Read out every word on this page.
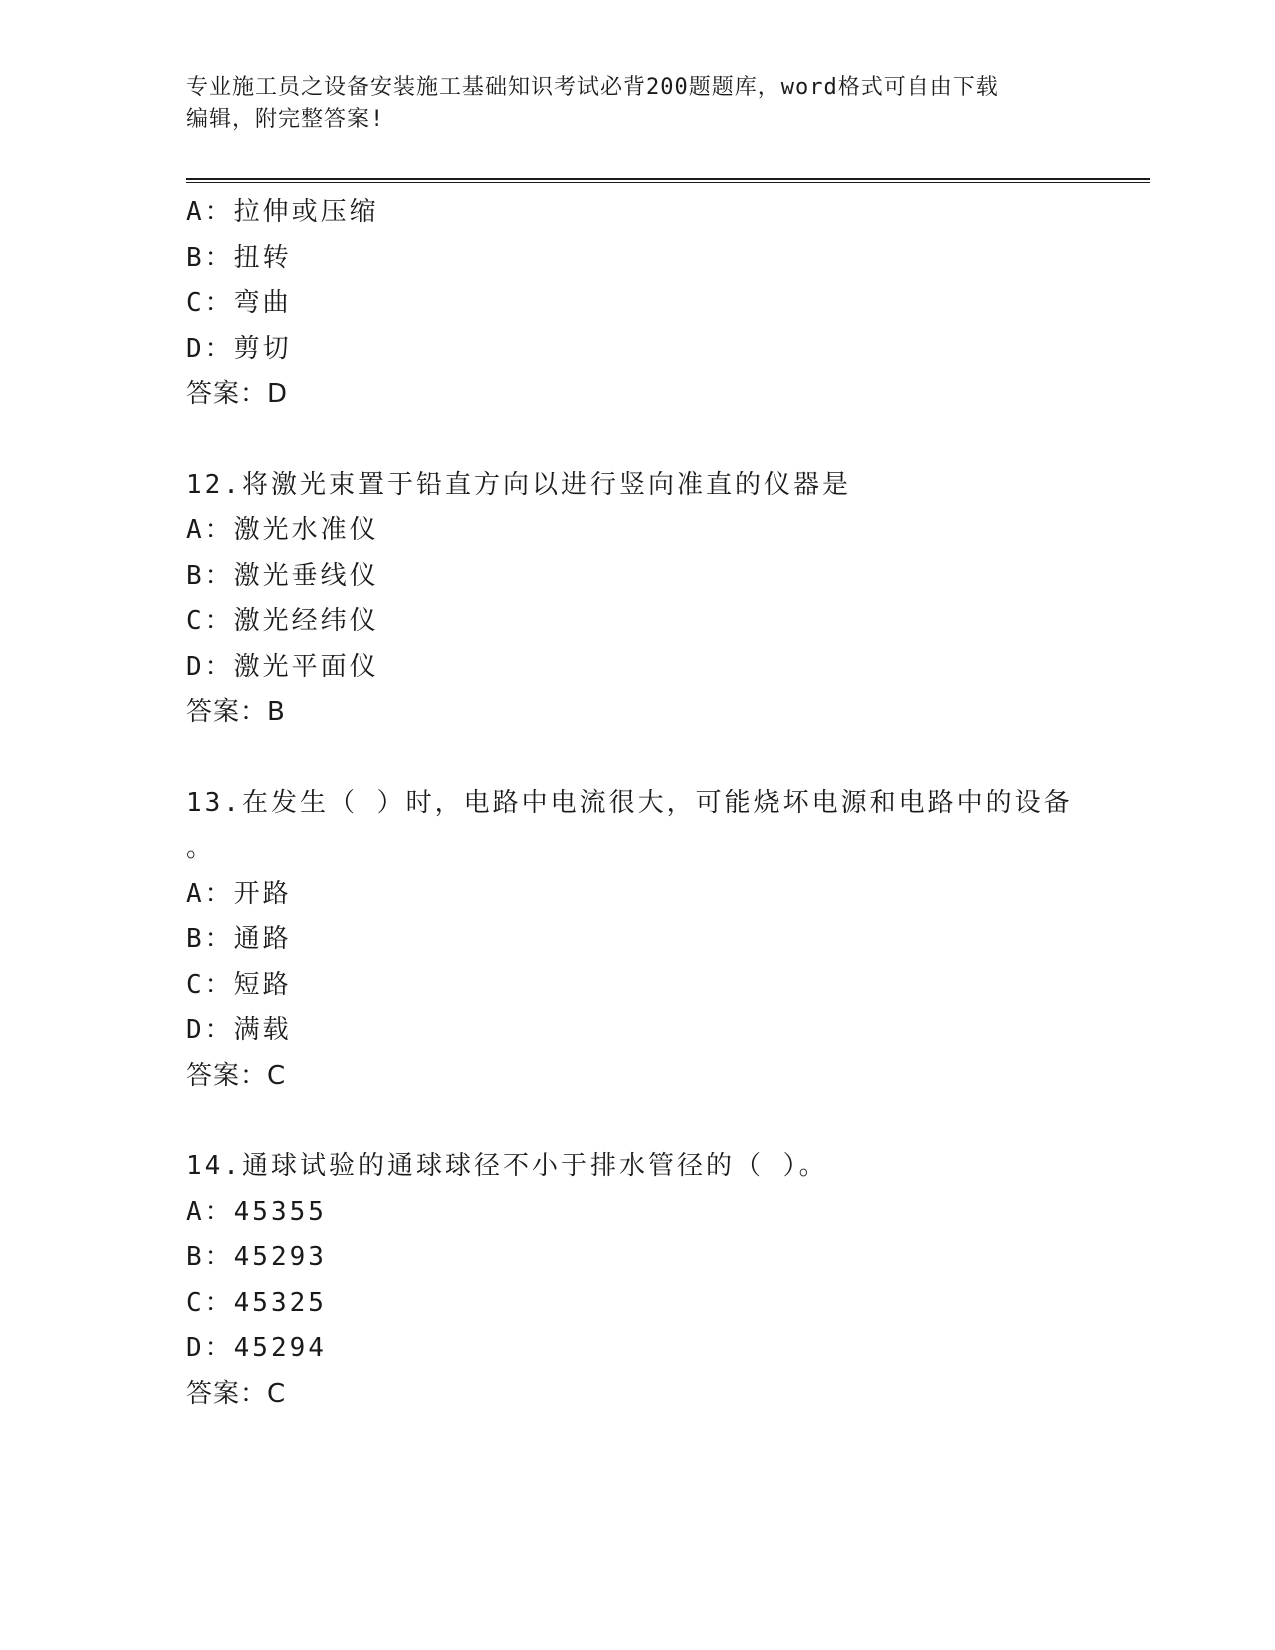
专业施工员之设备安装施工基础知识考试必背200题题库，word格式可自由下载
编辑，附完整答案!
A：拉伸或压缩
B：扭转
C：弯曲
D：剪切
答案：D
12.将激光束置于铅直方向以进行竖向准直的仪器是
A：激光水准仪
B：激光垂线仪
C：激光经纬仪
D：激光平面仪
答案：B
13.在发生（ ）时，电路中电流很大，可能烧坏电源和电路中的设备
。
A：开路
B：通路
C：短路
D：满载
答案：C
14.通球试验的通球球径不小于排水管径的（ ）。
A：45355
B：45293
C：45325
D：45294
答案：C
